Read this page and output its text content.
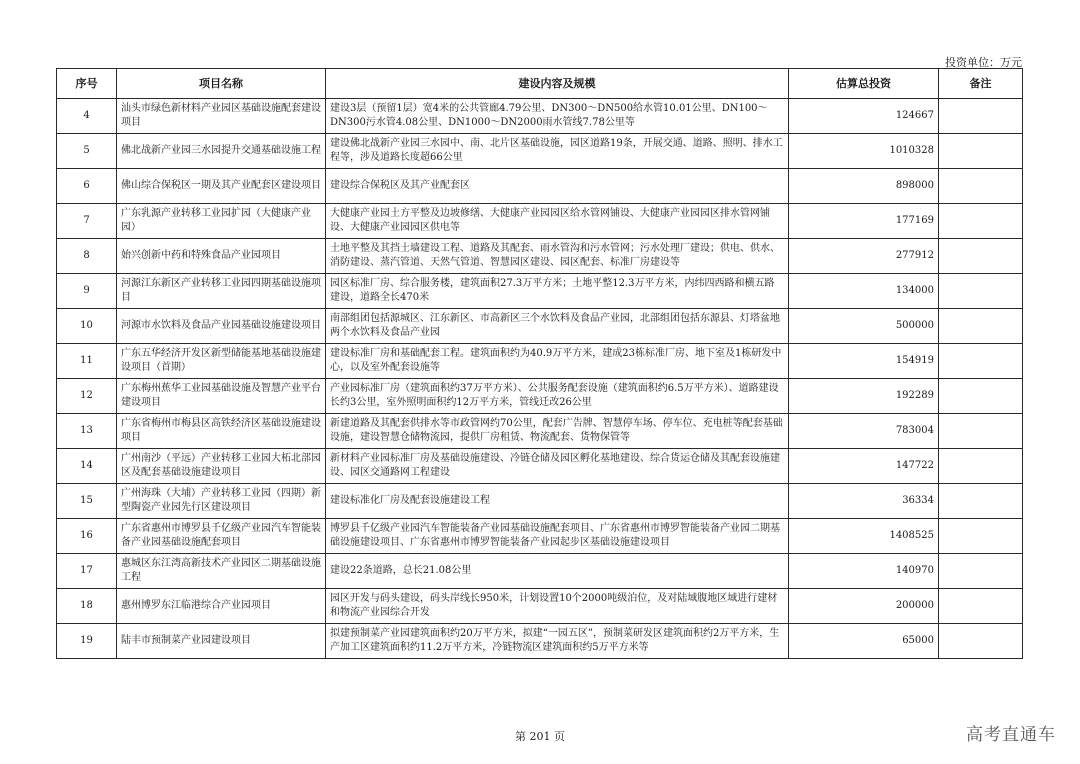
投资单位：万元
序号	项目名称	建设内容及规模	估算总投资	备注
4	汕头市绿色新材料产业园区基础设施配套建设项目	建设3层（预留1层）宽4米的公共管廊4.79公里、DN300～DN500给水管10.01公里、DN100～DN300污水管4.08公里、DN1000～DN2000雨水管线7.78公里等	124667	
5	佛北战新产业园三水园提升交通基础设施工程	建设佛北战新产业园三水园中、南、北片区基础设施，园区道路19条，开展交通、道路、照明、排水工程等，涉及道路长度超66公里	1010328	
6	佛山综合保税区一期及其产业配套区建设项目	建设综合保税区及其产业配套区	898000	
7	广东乳源产业转移工业园扩园（大健康产业园）	大健康产业园土方平整及边坡修缮、大健康产业园园区给水管网铺设、大健康产业园园区排水管网铺设、大健康产业园园区供电等	177169	
8	始兴创新中药和特殊食品产业园项目	土地平整及其挡土墙建设工程、道路及其配套、雨水管沟和污水管网；污水处理厂建设；供电、供水、消防建设、蒸汽管道、天然气管道、智慧园区建设、园区配套、标准厂房建设等	277912	
9	河源江东新区产业转移工业园四期基础设施项目	园区标准厂房、综合服务楼，建筑面积27.3万平方米；土地平整12.3万平方米，内纬四西路和横五路建设，道路全长470米	134000	
10	河源市水饮料及食品产业园基础设施建设项目	南部组团包括源城区、江东新区、市高新区三个水饮料及食品产业园，北部组团包括东源县、灯塔盆地两个水饮料及食品产业园	500000	
11	广东五华经济开发区新型储能基地基础设施建设项目（首期）	建设标准厂房和基础配套工程。建筑面积约为40.9万平方米，建成23栋标准厂房、地下室及1栋研发中心，以及室外配套设施等	154919	
12	广东梅州蕉华工业园基础设施及智慧产业平台建设项目	产业园标准厂房（建筑面积约37万平方米）、公共服务配套设施（建筑面积约6.5万平方米）、道路建设长约3公里，室外照明面积约12万平方米，管线迁改26公里	192289	
13	广东省梅州市梅县区高铁经济区基础设施建设项目	新建道路及其配套供排水等市政管网约70公里，配套广告牌、智慧停车场、停车位、充电桩等配套基础设施，建设智慧仓储物流园，提供厂房租赁、物流配套、货物保管等	783004	
14	广州南沙（平远）产业转移工业园大柘北部园区及配套基础设施建设项目	新材料产业园标准厂房及基础设施建设、冷链仓储及园区孵化基地建设、综合货运仓储及其配套设施建设、园区交通路网工程建设	147722	
15	广州海珠（大埔）产业转移工业园（四期）新型陶瓷产业园先行区建设项目	建设标准化厂房及配套设施建设工程	36334	
16	广东省惠州市博罗县千亿级产业园汽车智能装备产业园基础设施配套项目	博罗县千亿级产业园汽车智能装备产业园基础设施配套项目、广东省惠州市博罗智能装备产业园二期基础设施建设项目、广东省惠州市博罗智能装备产业园起步区基础设施建设项目	1408525	
17	惠城区东江湾高新技术产业园区二期基础设施工程	建设22条道路，总长21.08公里	140970	
18	惠州博罗东江临港综合产业园项目	园区开发与码头建设，码头岸线长950米，计划设置10个2000吨级泊位，及对陆域腹地区域进行建材和物流产业园综合开发	200000	
19	陆丰市预制菜产业园建设项目	拟建预制菜产业园建筑面积约20万平方米，拟建“一园五区”，预制菜研发区建筑面积约2万平方米，生产加工区建筑面积约11.2万平方米，冷链物流区建筑面积约5万平方米等	65000	
第 201 页	高考直通车
